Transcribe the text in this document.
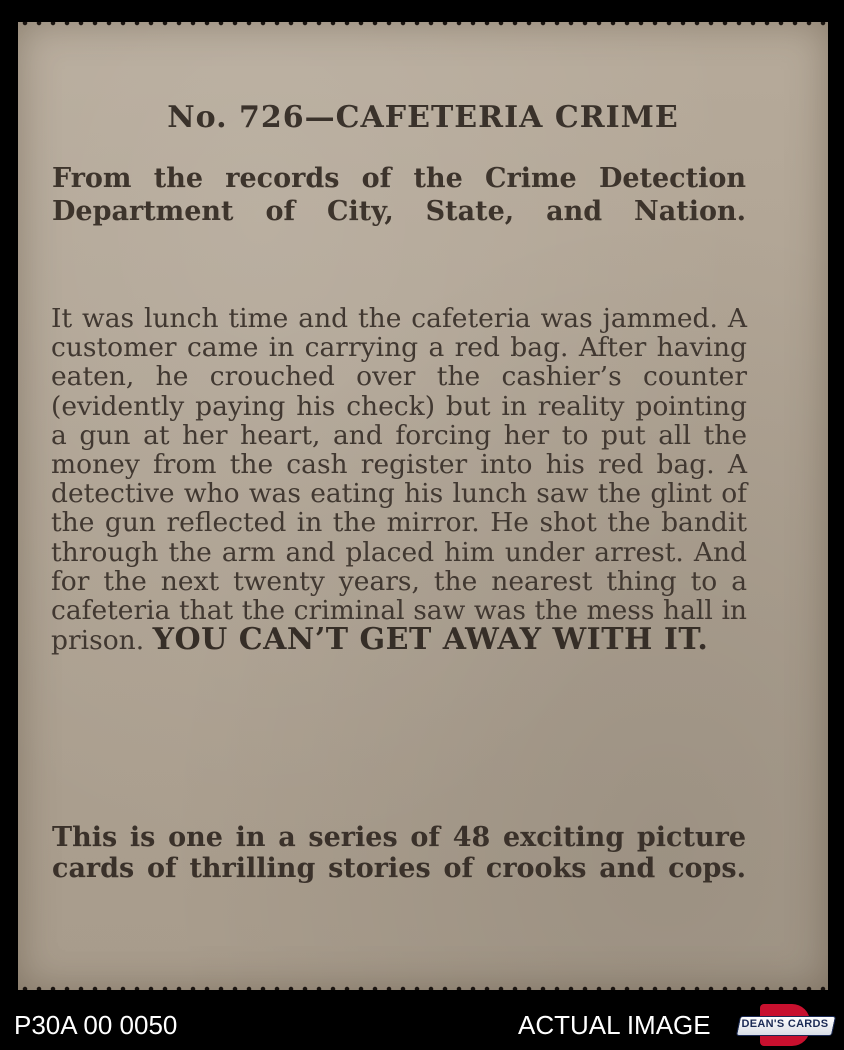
No. 726—CAFETERIA CRIME
From the records of the Crime Detection Department of City, State, and Nation.
It was lunch time and the cafeteria was jammed. A customer came in carrying a red bag. After having eaten, he crouched over the cashier’s counter (evidently paying his check) but in reality pointing a gun at her heart, and forcing her to put all the money from the cash register into his red bag. A detective who was eating his lunch saw the glint of the gun reflected in the mirror. He shot the bandit through the arm and placed him under arrest. And for the next twenty years, the nearest thing to a cafeteria that the criminal saw was the mess hall in prison. YOU CAN’T GET AWAY WITH IT.
This is one in a series of 48 exciting picture cards of thrilling stories of crooks and cops.
P30A 00 0050	ACTUAL IMAGE	DEAN'S CARDS
